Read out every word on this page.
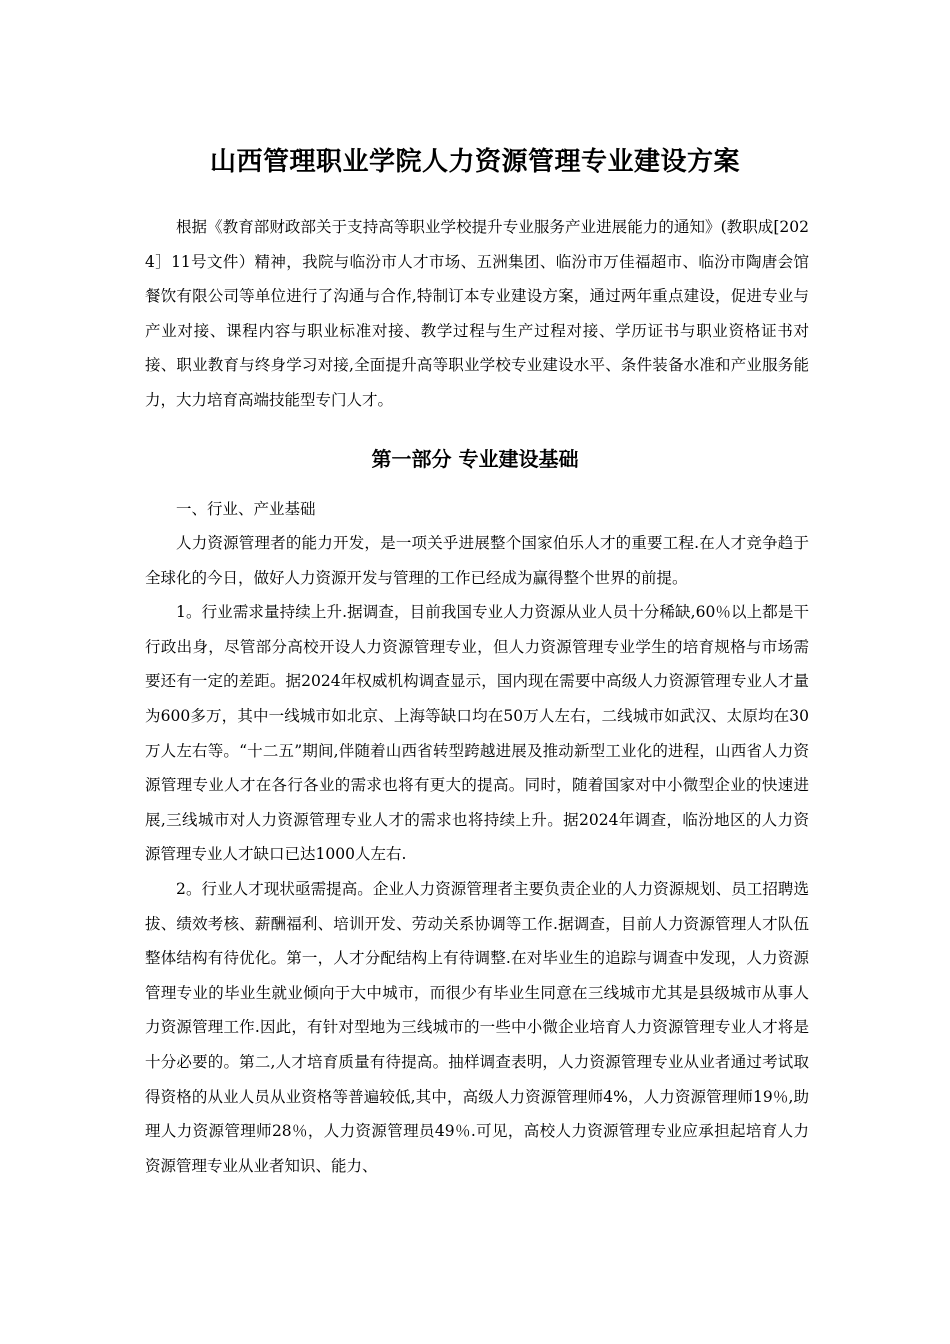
山西管理职业学院人力资源管理专业建设方案

根据《教育部财政部关于支持高等职业学校提升专业服务产业进展能力的通知》(教职成[2024］11号文件）精神，我院与临汾市人才市场、五洲集团、临汾市万佳福超市、临汾市陶唐会馆餐饮有限公司等单位进行了沟通与合作,特制订本专业建设方案，通过两年重点建设，促进专业与产业对接、课程内容与职业标准对接、教学过程与生产过程对接、学历证书与职业资格证书对接、职业教育与终身学习对接,全面提升高等职业学校专业建设水平、条件装备水准和产业服务能力，大力培育高端技能型专门人才。

第一部分 专业建设基础
一、行业、产业基础

人力资源管理者的能力开发，是一项关乎进展整个国家伯乐人才的重要工程.在人才竞争趋于全球化的今日，做好人力资源开发与管理的工作已经成为赢得整个世界的前提。

1。行业需求量持续上升.据调查，目前我国专业人力资源从业人员十分稀缺,60％以上都是干行政出身，尽管部分高校开设人力资源管理专业，但人力资源管理专业学生的培育规格与市场需要还有一定的差距。据2024年权威机构调查显示，国内现在需要中高级人力资源管理专业人才量为600多万，其中一线城市如北京、上海等缺口均在50万人左右，二线城市如武汉、太原均在30万人左右等。“十二五”期间,伴随着山西省转型跨越进展及推动新型工业化的进程，山西省人力资源管理专业人才在各行各业的需求也将有更大的提高。同时，随着国家对中小微型企业的快速进展,三线城市对人力资源管理专业人才的需求也将持续上升。据2024年调查，临汾地区的人力资源管理专业人才缺口已达1000人左右.

2。行业人才现状亟需提高。企业人力资源管理者主要负责企业的人力资源规划、员工招聘选拔、绩效考核、薪酬福利、培训开发、劳动关系协调等工作.据调查，目前人力资源管理人才队伍整体结构有待优化。第一，人才分配结构上有待调整.在对毕业生的追踪与调查中发现，人力资源管理专业的毕业生就业倾向于大中城市，而很少有毕业生同意在三线城市尤其是县级城市从事人力资源管理工作.因此，有针对型地为三线城市的一些中小微企业培育人力资源管理专业人才将是十分必要的。第二,人才培育质量有待提高。抽样调查表明，人力资源管理专业从业者通过考试取得资格的从业人员从业资格等普遍较低,其中，高级人力资源管理师4%，人力资源管理师19％,助理人力资源管理师28％，人力资源管理员49％.可见，高校人力资源管理专业应承担起培育人力资源管理专业从业者知识、能力、
